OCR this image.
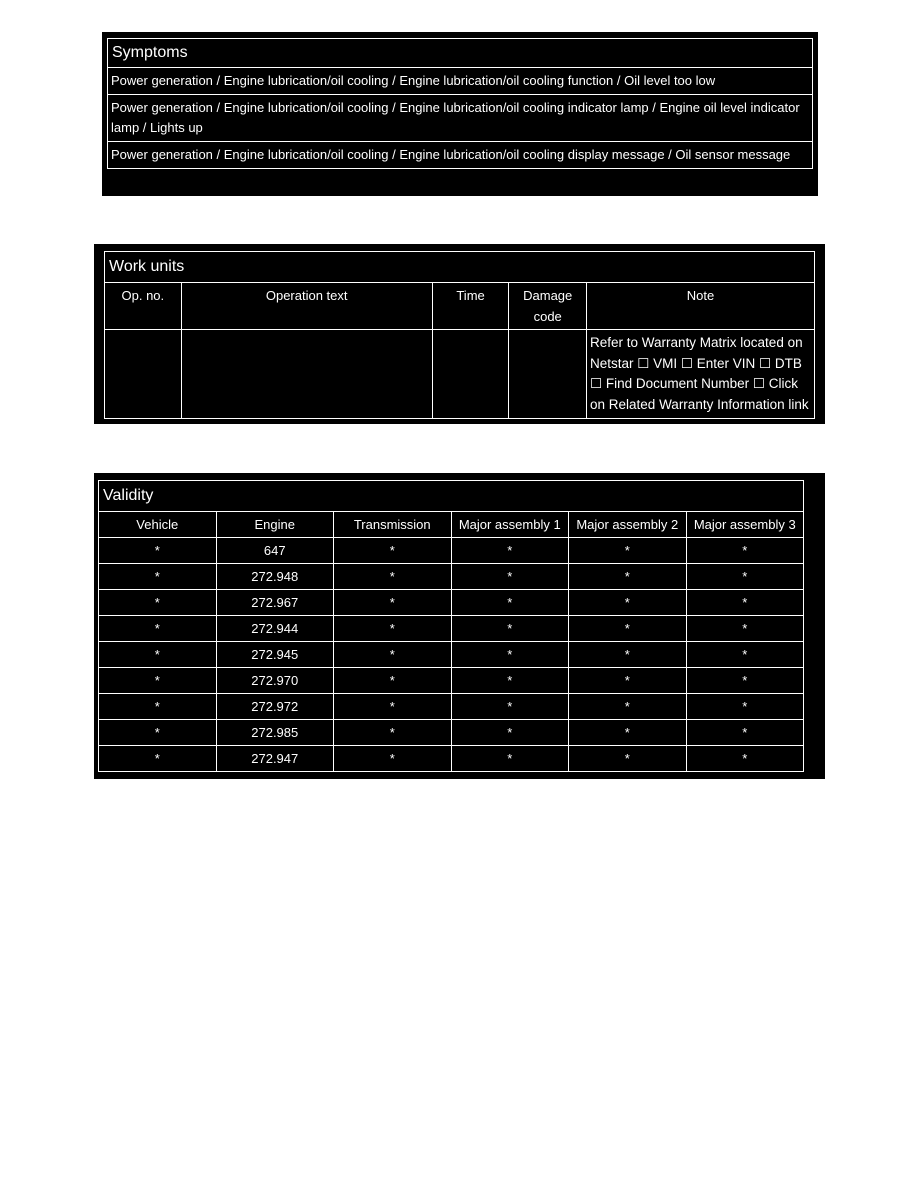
Symptoms
Power generation / Engine lubrication/oil cooling / Engine lubrication/oil cooling function / Oil level too low
Power generation / Engine lubrication/oil cooling / Engine lubrication/oil cooling indicator lamp / Engine oil level indicator lamp / Lights up
Power generation / Engine lubrication/oil cooling / Engine lubrication/oil cooling display message / Oil sensor message
Work units				
Op. no.	Operation text	Time	Damage code	Note
				Refer to Warranty Matrix located on Netstar ☐ VMI ☐ Enter VIN ☐ DTB ☐ Find Document Number ☐ Click on Related Warranty Information link
Validity					
Vehicle	Engine	Transmission	Major assembly 1	Major assembly 2	Major assembly 3
*	647	*	*	*	*
*	272.948	*	*	*	*
*	272.967	*	*	*	*
*	272.944	*	*	*	*
*	272.945	*	*	*	*
*	272.970	*	*	*	*
*	272.972	*	*	*	*
*	272.985	*	*	*	*
*	272.947	*	*	*	*
